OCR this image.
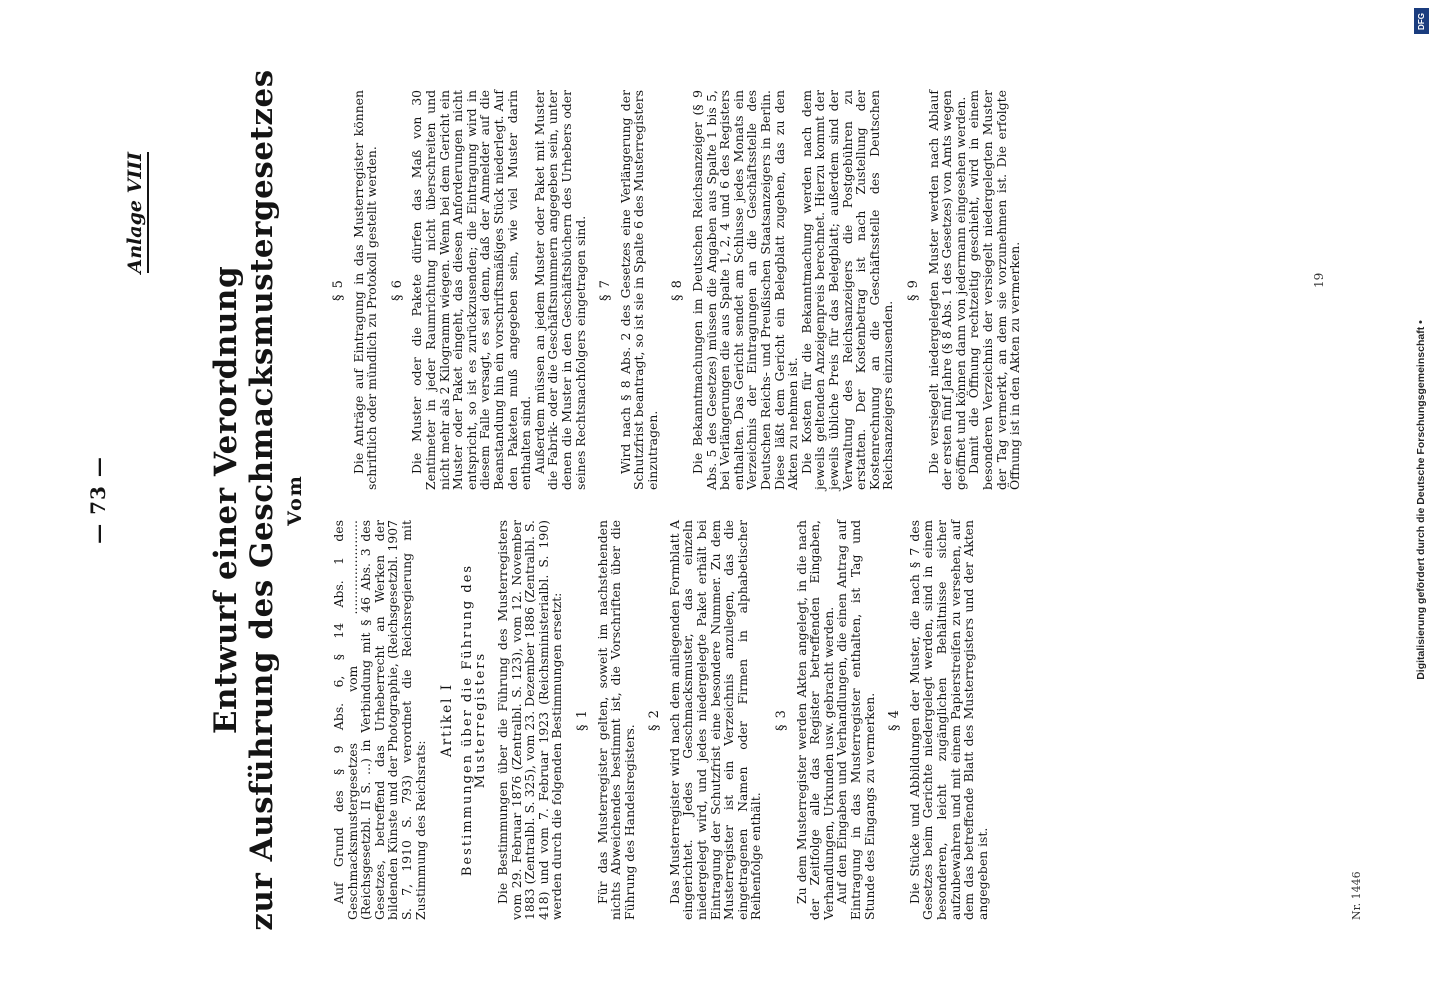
— 73 —
Anlage VIII
Entwurf einer Verordnung zur Ausführung des Geschmacksmustergesetzes Vom

Auf Grund des § 9 Abs. 6, § 14 Abs. 1 des Geschmacksmustergesetzes vom ........................ (Reichsgesetzbl. II S. ...) in Verbindung mit § 46 Abs. 3 des Gesetzes, betreffend das Urheberrecht an Werken der bildenden Künste und der Photographie, (Reichsgesetzbl. 1907 S. 7, 1910 S. 793) verordnet die Reichsregierung mit Zustimmung des Reichsrats:

Artikel I Bestimmungen über die Führung des Musterregisters Die Bestimmungen über die Führung des Musterregisters vom 29. Februar 1876 (Zentralbl. S. 123), vom 12. November 1883 (Zentralbl. S. 325), vom 23. Dezember 1886 (Zentralbl. S. 418) und vom 7. Februar 1923 (Reichsministerialbl. S. 190) werden durch die folgenden Bestimmungen ersetzt: § 1 Für das Musterregister gelten, soweit im nachstehenden nichts Abweichendes bestimmt ist, die Vorschriften über die Führung des Handelsregisters.

§ 2 Das Musterregister wird nach dem anliegenden Formblatt A eingerichtet. Jedes Geschmacksmuster, das einzeln niedergelegt wird, und jedes niedergelegte Paket erhält bei Eintragung der Schutzfrist eine besondere Nummer. Zu dem Musterregister ist ein Verzeichnis anzulegen, das die eingetragenen Namen oder Firmen in alphabetischer Reihenfolge enthält.

§ 3 Zu dem Musterregister werden Akten angelegt, in die nach der Zeitfolge alle das Register betreffenden Eingaben, Verhandlungen, Urkunden usw. gebracht werden.

Auf den Eingaben und Verhandlungen, die einen Antrag auf Eintragung in das Musterregister enthalten, ist Tag und Stunde des Eingangs zu vermerken. § 4 Die Stücke und Abbildungen der Muster, die nach § 7 des Gesetzes beim Gerichte niedergelegt werden, sind in einem besonderen, leicht zugänglichen Behältnisse sicher aufzubewahren und mit einem Papierstreifen zu versehen, auf dem das betreffende Blatt des Musterregisters und der Akten angegeben ist.	Nr. 1446
§ 5 Die Anträge auf Eintragung in das Musterregister können schriftlich oder mündlich zu Protokoll gestellt werden. § 6 Die Muster oder die Pakete dürfen das Maß von 30 Zentimeter in jeder Raumrichtung nicht überschreiten und nicht mehr als 2 Kilogramm wiegen. Wenn bei dem Gericht ein Muster oder Paket eingeht, das diesen Anforderungen nicht entspricht, so ist es zurückzusenden; die Eintragung wird in diesem Falle versagt, es sei denn, daß der Anmelder auf die Beanstandung hin ein vorschriftsmäßiges Stück niederlegt. Auf den Paketen muß angegeben sein, wie viel Muster darin enthalten sind.

Außerdem müssen an jedem Muster oder Paket mit Muster die Fabrik- oder die Geschäftsnummern angegeben sein, unter denen die Muster in den Geschäftsbüchern des Urhebers oder seines Rechtsnachfolgers eingetragen sind. § 7 Wird nach § 8 Abs. 2 des Gesetzes eine Verlängerung der Schutzfrist beantragt, so ist sie in Spalte 6 des Musterregisters einzutragen.

§ 8 Die Bekanntmachungen im Deutschen Reichsanzeiger (§ 9 Abs. 5 des Gesetzes) müssen die Angaben aus Spalte 1 bis 5, bei Verlängerungen die aus Spalte 1, 2, 4 und 6 des Registers enthalten. Das Gericht sendet am Schlusse jedes Monats ein Verzeichnis der Eintragungen an die Geschäftsstelle des Deutschen Reichs- und Preußischen Staatsanzeigers in Berlin. Diese läßt dem Gericht ein Belegblatt zugehen, das zu den Akten zu nehmen ist.

Die Kosten für die Bekanntmachung werden nach dem jeweils geltenden Anzeigenpreis berechnet. Hierzu kommt der jeweils übliche Preis für das Belegblatt; außerdem sind der Verwaltung des Reichsanzeigers die Postgebühren zu erstatten. Der Kostenbetrag ist nach Zustellung der Kostenrechnung an die Geschäftsstelle des Deutschen Reichsanzeigers einzusenden.

§ 9 Die versiegelt niedergelegten Muster werden nach Ablauf der ersten fünf Jahre (§ 8 Abs. 1 des Gesetzes) von Amts wegen geöffnet und können dann von jedermann eingesehen werden.

Damit die Öffnung rechtzeitig geschieht, wird in einem besonderen Verzeichnis der versiegelt niedergelegten Muster der Tag vermerkt, an dem sie vorzunehmen ist. Die erfolgte Öffnung ist in den Akten zu vermerken.	19
DFG
Digitalisierung gefördert durch die Deutsche Forschungsgemeinschaft •
